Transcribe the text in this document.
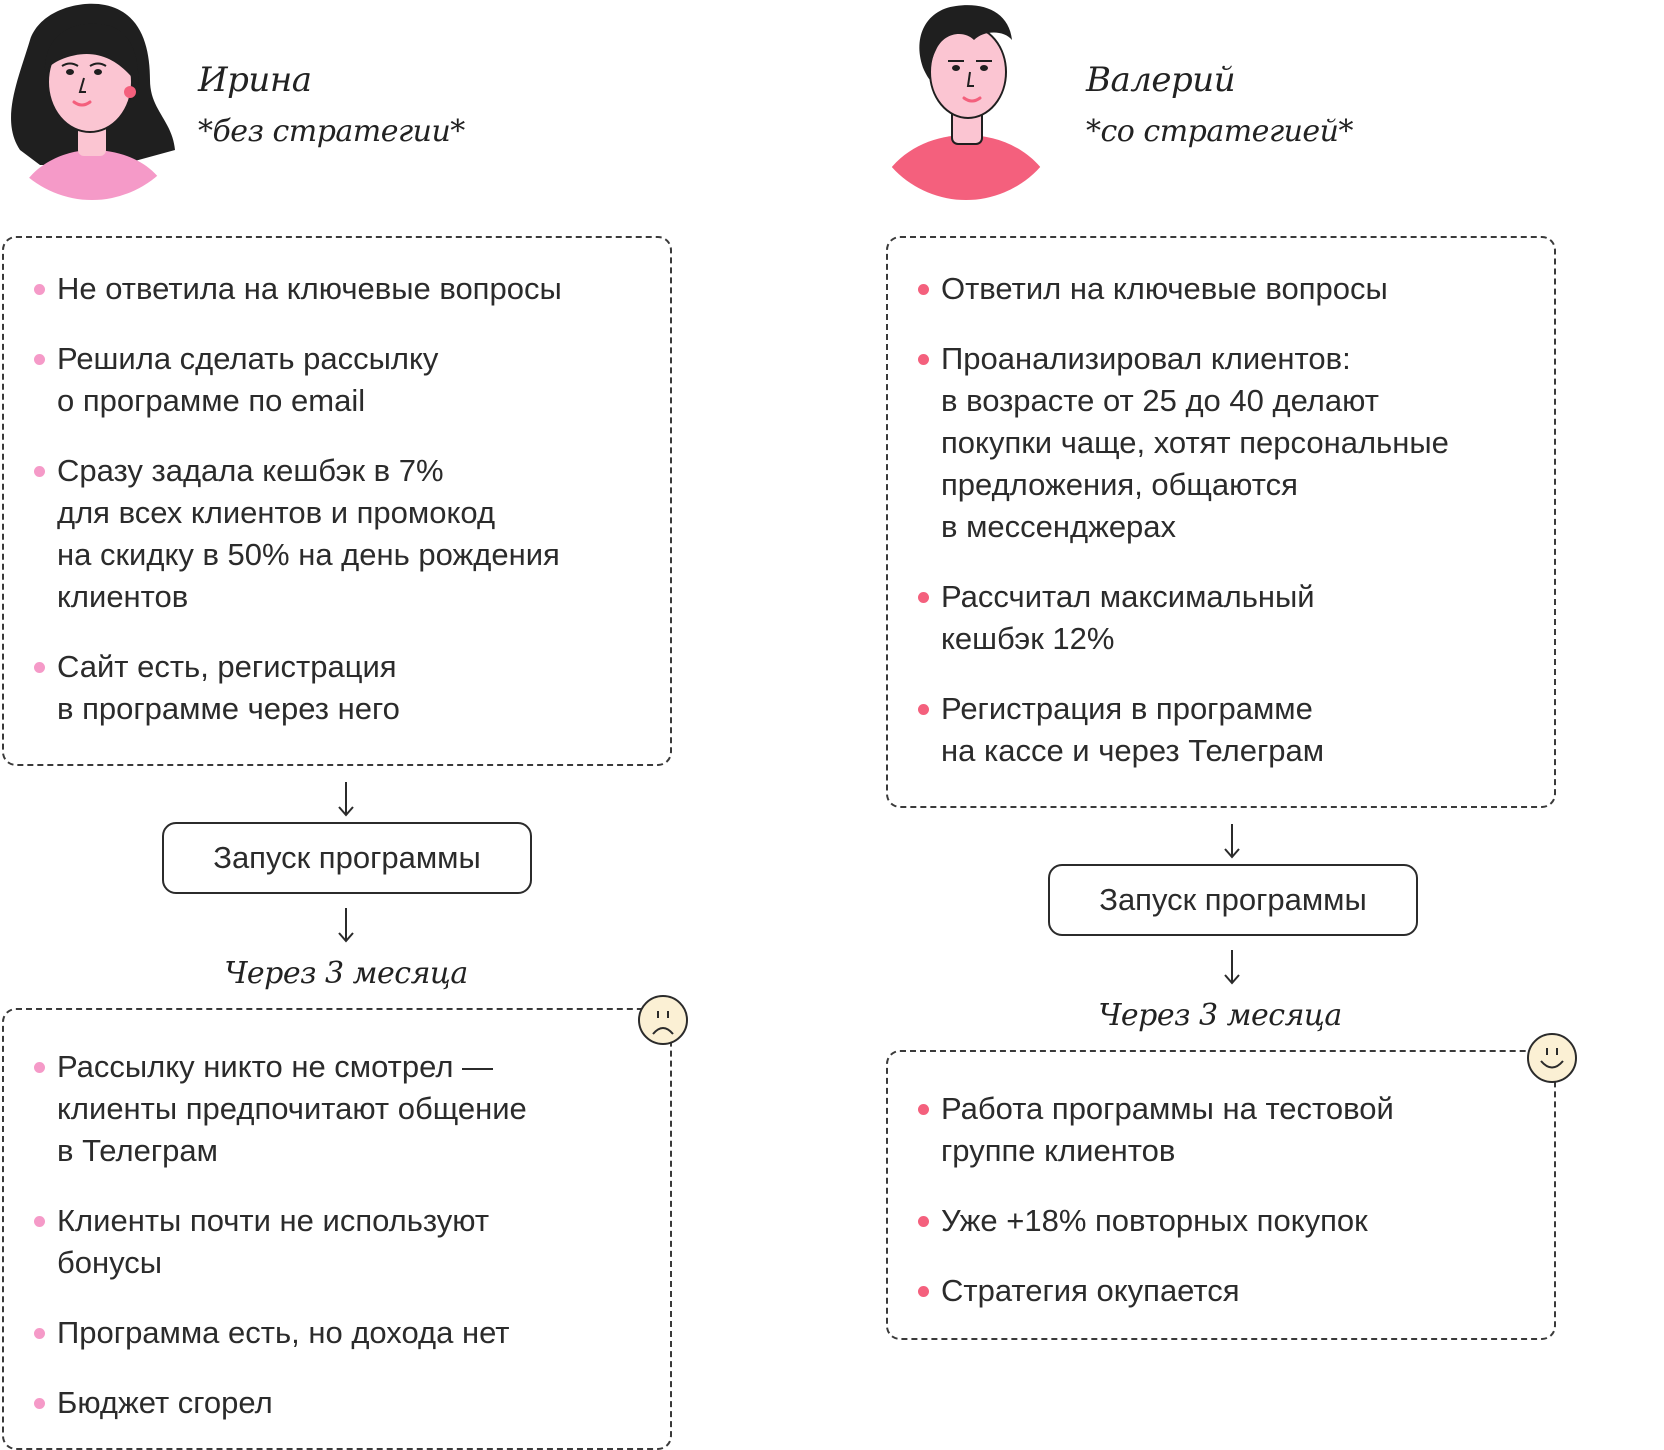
Ирина
*без стратегии*
Не ответила на ключевые вопросы
Решила сделать рассылку
о программе по email
Сразу задала кешбэк в 7%
для всех клиентов и промокод
на скидку в 50% на день рождения
клиентов
Сайт есть, регистрация
в программе через него
Запуск программы
Через 3 месяца
Рассылку никто не смотрел —
клиенты предпочитают общение
в Телеграм
Клиенты почти не используют
бонусы
Программа есть, но дохода нет
Бюджет сгорел
Валерий
*со стратегией*
Ответил на ключевые вопросы
Проанализировал клиентов:
в возрасте от 25 до 40 делают
покупки чаще, хотят персональные
предложения, общаются
в мессенджерах
Рассчитал максимальный
кешбэк 12%
Регистрация в программе
на кассе и через Телеграм
Запуск программы
Через 3 месяца
Работа программы на тестовой
группе клиентов
Уже +18% повторных покупок
Стратегия окупается
